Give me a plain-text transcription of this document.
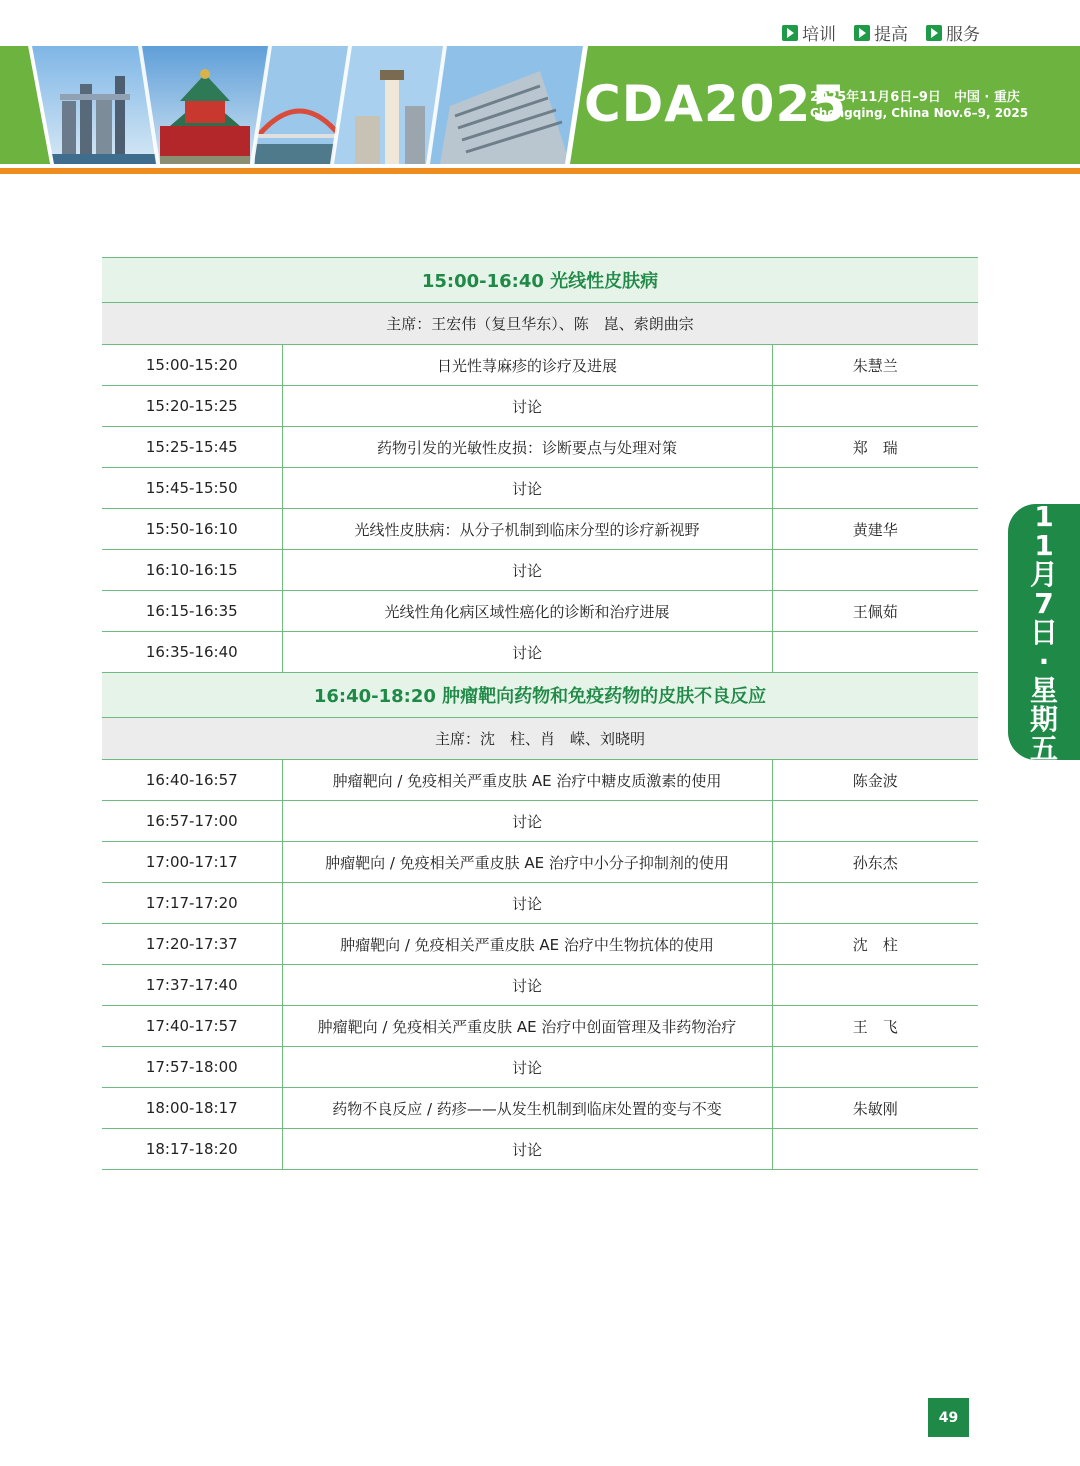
培训 提高 服务
CDA2025
2025年11月6日–9日　中国 · 重庆
Chongqing, China Nov.6–9, 2025
15:00-16:40 光线性皮肤病		
主席：王宏伟（复旦华东）、陈　崑、索朗曲宗		
15:00-15:20	日光性荨麻疹的诊疗及进展	朱慧兰
15:20-15:25	讨论	
15:25-15:45	药物引发的光敏性皮损：诊断要点与处理对策	郑　瑞
15:45-15:50	讨论	
15:50-16:10	光线性皮肤病：从分子机制到临床分型的诊疗新视野	黄建华
16:10-16:15	讨论	
16:15-16:35	光线性角化病区域性癌化的诊断和治疗进展	王佩茹
16:35-16:40	讨论	
16:40-18:20 肿瘤靶向药物和免疫药物的皮肤不良反应		
主席：沈　柱、肖　嵘、刘晓明		
16:40-16:57	肿瘤靶向 / 免疫相关严重皮肤 AE 治疗中糖皮质激素的使用	陈金波
16:57-17:00	讨论	
17:00-17:17	肿瘤靶向 / 免疫相关严重皮肤 AE 治疗中小分子抑制剂的使用	孙东杰
17:17-17:20	讨论	
17:20-17:37	肿瘤靶向 / 免疫相关严重皮肤 AE 治疗中生物抗体的使用	沈　柱
17:37-17:40	讨论	
17:40-17:57	肿瘤靶向 / 免疫相关严重皮肤 AE 治疗中创面管理及非药物治疗	王　飞
17:57-18:00	讨论	
18:00-18:17	药物不良反应 / 药疹——从发生机制到临床处置的变与不变	朱敏刚
18:17-18:20	讨论	
11月7日·星期五
49
